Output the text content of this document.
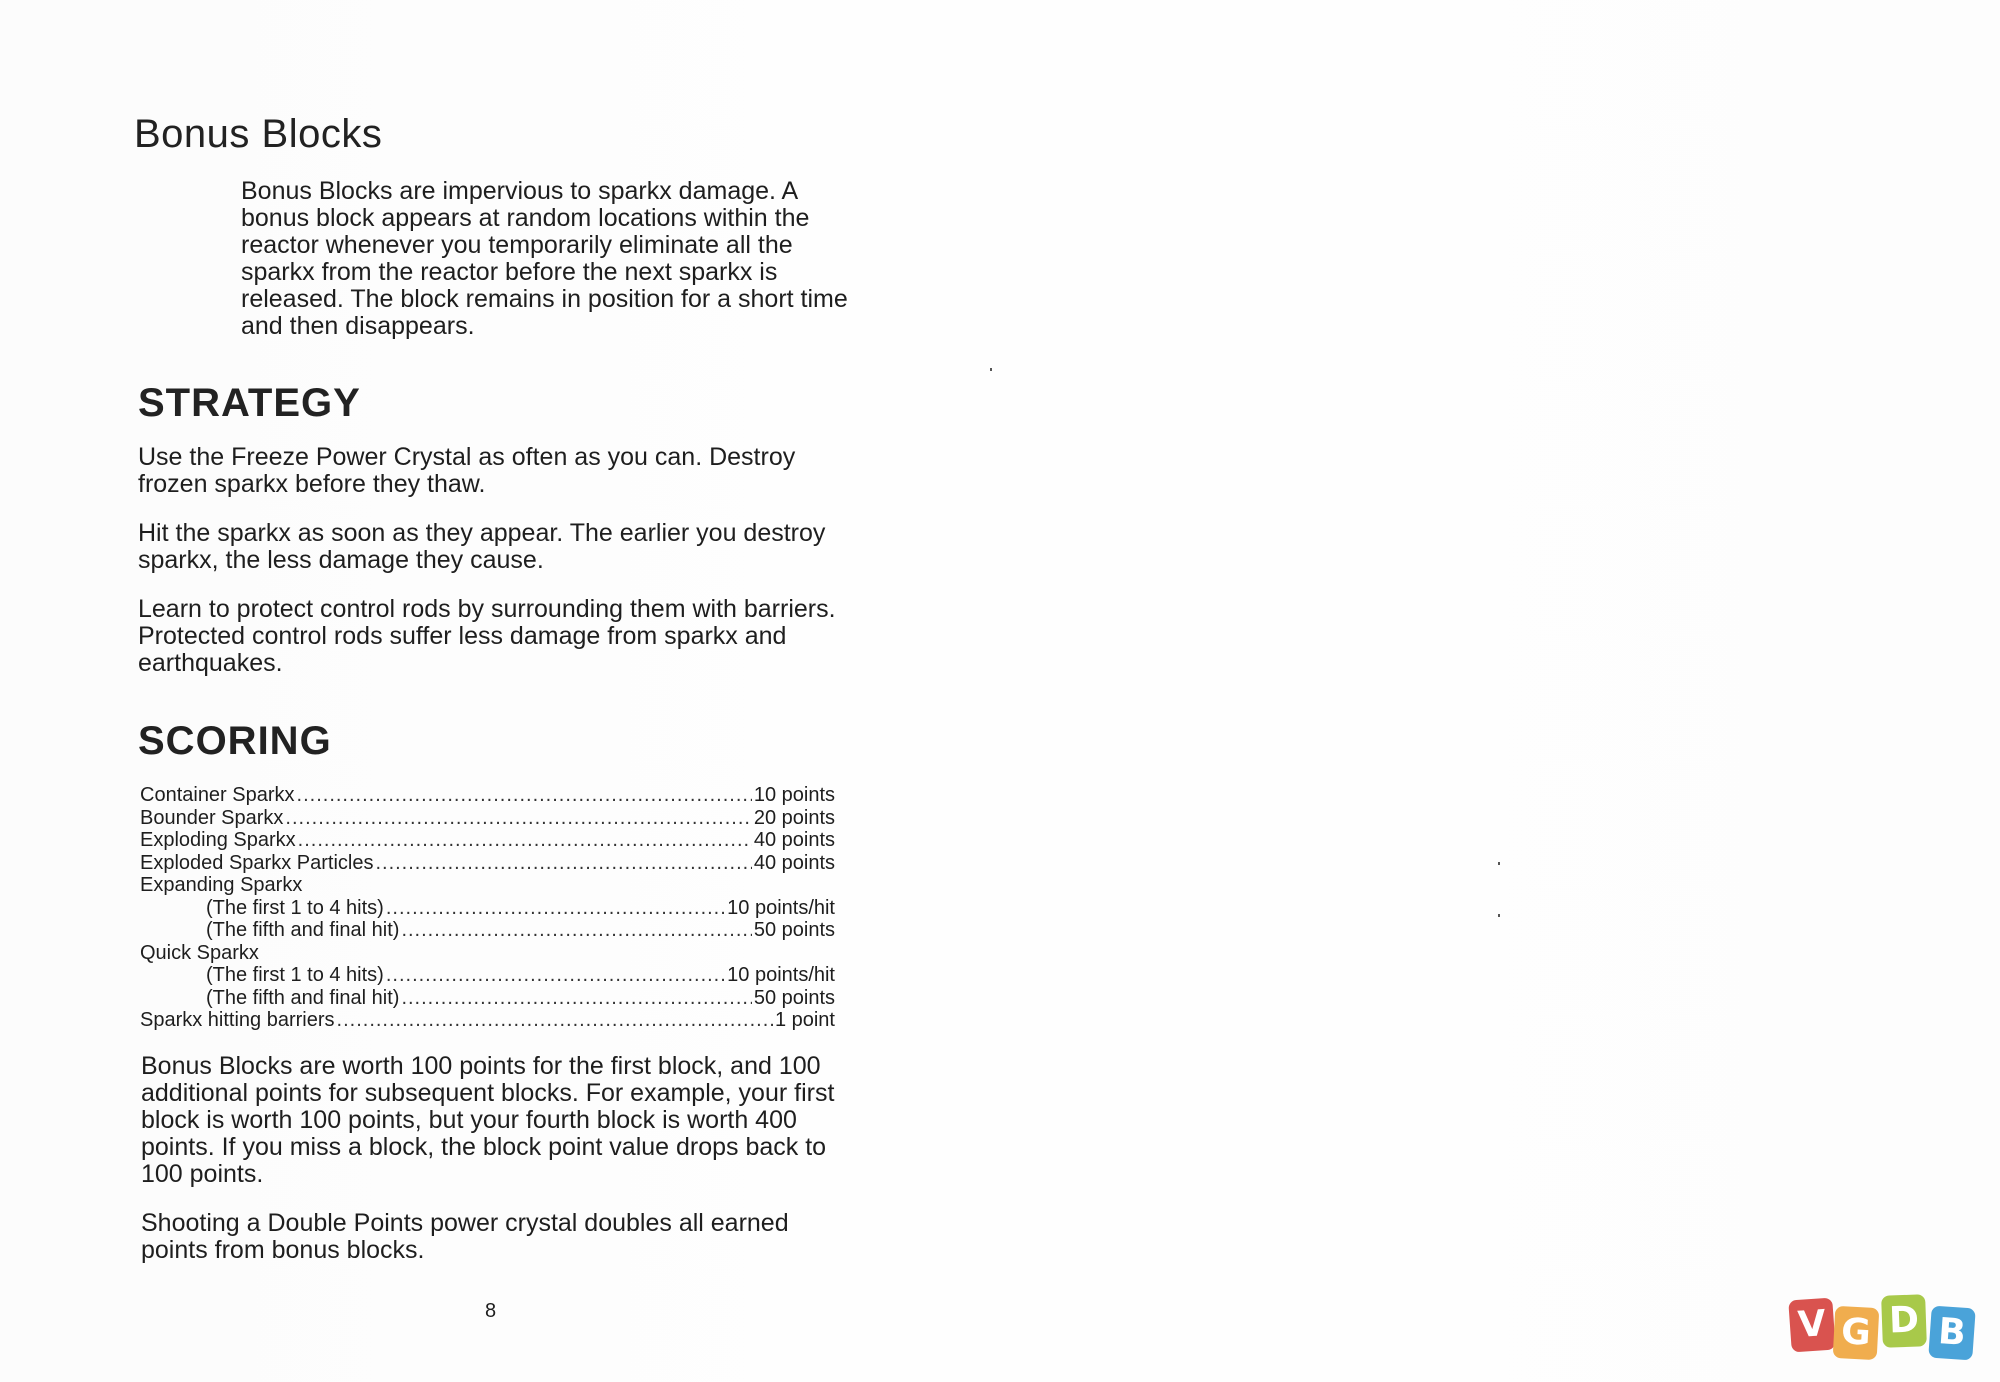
Bonus Blocks
Bonus Blocks are impervious to sparkx damage. A bonus block appears at random locations within the reactor whenever you temporarily eliminate all the sparkx from the reactor before the next sparkx is released. The block remains in position for a short time and then disappears.
STRATEGY

Use the Freeze Power Crystal as often as you can. Destroy frozen sparkx before they thaw.

Hit the sparkx as soon as they appear. The earlier you destroy sparkx, the less damage they cause.

Learn to protect control rods by surrounding them with barriers. Protected control rods suffer less damage from sparkx and earthquakes.

SCORING
Container Sparkx .....	10 points
Bounder Sparkx .....	20 points
Exploding Sparkx .....	40 points
Exploded Sparkx Particles .....	40 points
Expanding Sparkx
(The first 1 to 4 hits) .....	10 points/hit
(The fifth and final hit) .....	50 points
Quick Sparkx
(The first 1 to 4 hits) .....	10 points/hit
(The fifth and final hit) .....	50 points
Sparkx hitting barriers .....	1 point

Bonus Blocks are worth 100 points for the first block, and 100 additional points for subsequent blocks. For example, your first block is worth 100 points, but your fourth block is worth 400 points. If you miss a block, the block point value drops back to 100 points.

Shooting a Double Points power crystal doubles all earned points from bonus blocks.

8	V G D B
